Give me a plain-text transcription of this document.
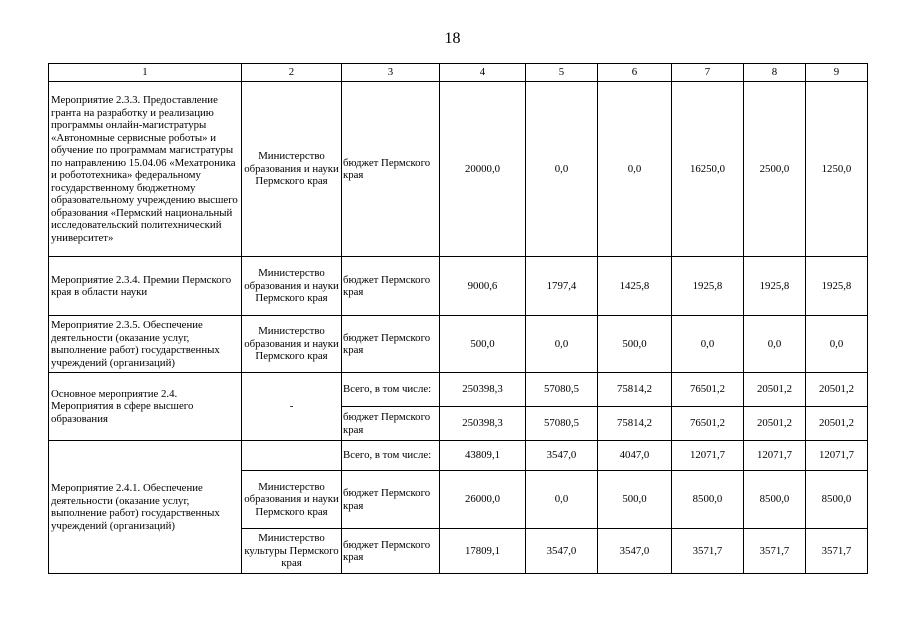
18
1	2	3	4	5	6	7	8	9
Мероприятие 2.3.3. Предоставление гранта на разработку и реализацию программы онлайн-магистратуры «Автономные сервисные роботы» и обучение по программам магистратуры по направлению 15.04.06 «Мехатроника и робототехника» федеральному государственному бюджетному образовательному учреждению высшего образования «Пермский национальный исследовательский политехнический университет»	Министерство образования и науки Пермского края	бюджет Пермского края	20000,0	0,0	0,0	16250,0	2500,0	1250,0
Мероприятие 2.3.4. Премии Пермского края в области науки	Министерство образования и науки Пермского края	бюджет Пермского края	9000,6	1797,4	1425,8	1925,8	1925,8	1925,8
Мероприятие 2.3.5. Обеспечение деятельности (оказание услуг, выполнение работ) государственных учреждений (организаций)	Министерство образования и науки Пермского края	бюджет Пермского края	500,0	0,0	500,0	0,0	0,0	0,0
Основное мероприятие 2.4. Мероприятия в сфере высшего образования	-	Всего, в том числе:	250398,3	57080,5	75814,2	76501,2	20501,2	20501,2
		бюджет Пермского края	250398,3	57080,5	75814,2	76501,2	20501,2	20501,2
Мероприятие 2.4.1. Обеспечение деятельности (оказание услуг, выполнение работ) государственных учреждений (организаций)		Всего, в том числе:	43809,1	3547,0	4047,0	12071,7	12071,7	12071,7
	Министерство образования и науки Пермского края	бюджет Пермского края	26000,0	0,0	500,0	8500,0	8500,0	8500,0
	Министерство культуры Пермского края	бюджет Пермского края	17809,1	3547,0	3547,0	3571,7	3571,7	3571,7
